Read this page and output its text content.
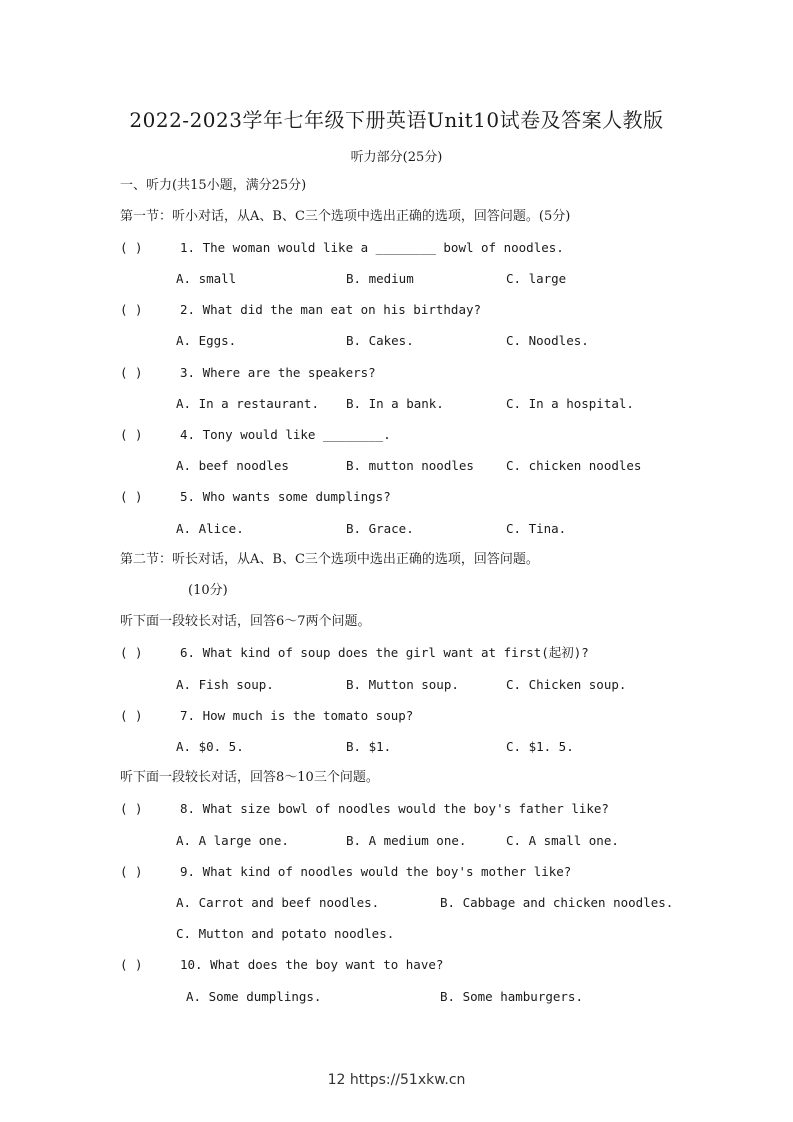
2022-2023学年七年级下册英语Unit10试卷及答案人教版
听力部分(25分)
一、听力(共15小题，满分25分)
第一节：听小对话，从A、B、C三个选项中选出正确的选项，回答问题。(5分)
( )	1. The woman would like a ________ bowl of noodles.
A. small	B. medium	C. large
( )	2. What did the man eat on his birthday?
A. Eggs.	B. Cakes.	C. Noodles.
( )	3. Where are the speakers?
A. In a restaurant. B. In a bank.	C. In a hospital.
( )	4. Tony would like ________.
A. beef noodles	B. mutton noodles	C. chicken noodles
( )	5. Who wants some dumplings?
A. Alice.	B. Grace.	C. Tina.
第二节：听长对话，从A、B、C三个选项中选出正确的选项，回答问题。
(10分)
听下面一段较长对话，回答6～7两个问题。
( )	6. What kind of soup does the girl want at first(起初)?
A. Fish soup.	B. Mutton soup.	C. Chicken soup.
( )	7. How much is the tomato soup?
A. $0. 5.	B. $1.	C. $1. 5.
听下面一段较长对话，回答8～10三个问题。
( )	8. What size bowl of noodles would the boy's father like?
A. A large one.	B. A medium one.	C. A small one.
( )	9. What kind of noodles would the boy's mother like?
A. Carrot and beef noodles.	B. Cabbage and chicken noodles.
C. Mutton and potato noodles.
( )	10. What does the boy want to have?
A. Some dumplings.	B. Some hamburgers.
12 https://51xkw.cn
